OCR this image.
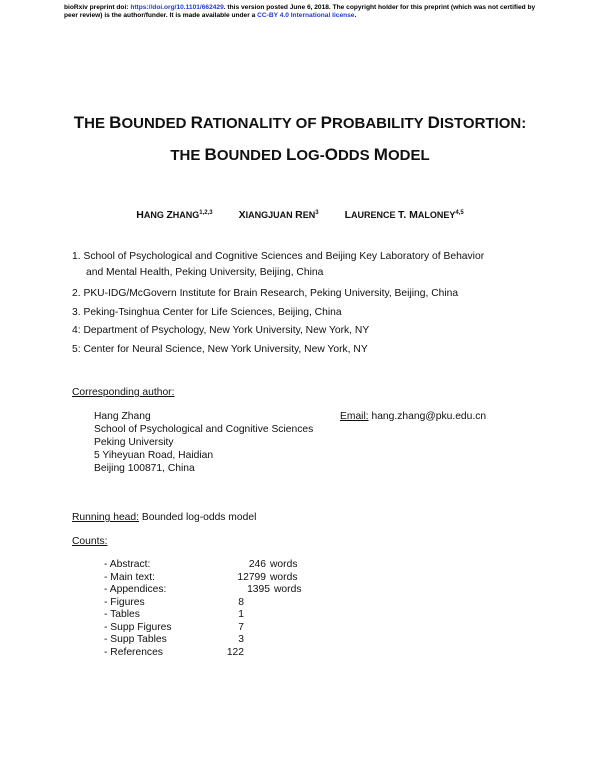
bioRxiv preprint doi: https://doi.org/10.1101/662429. this version posted June 6, 2018. The copyright holder for this preprint (which was not certified by peer review) is the author/funder. It is made available under a CC-BY 4.0 International license.
THE BOUNDED RATIONALITY OF PROBABILITY DISTORTION:
THE BOUNDED LOG-ODDS MODEL
HANG ZHANG$^{1,2,3}$ XIANGJUAN REN$^3$ LAURENCE T. MALONEY$^{4,5}$
1. School of Psychological and Cognitive Sciences and Beijing Key Laboratory of Behavior
and Mental Health, Peking University, Beijing, China
2. PKU-IDG/McGovern Institute for Brain Research, Peking University, Beijing, China
3. Peking-Tsinghua Center for Life Sciences, Beijing, China
4: Department of Psychology, New York University, New York, NY
5: Center for Neural Science, New York University, New York, NY
Corresponding author:
Hang Zhang
School of Psychological and Cognitive Sciences
Peking University
5 Yiheyuan Road, Haidian
Beijing 100871, China
Email: hang.zhang@pku.edu.cn
Running head: Bounded log-odds model
Counts:
- Abstract:	246 words
- Main text:	12799 words
- Appendices:	1395 words
- Figures	8
- Tables	1
- Supp Figures	7
- Supp Tables	3
- References	122
